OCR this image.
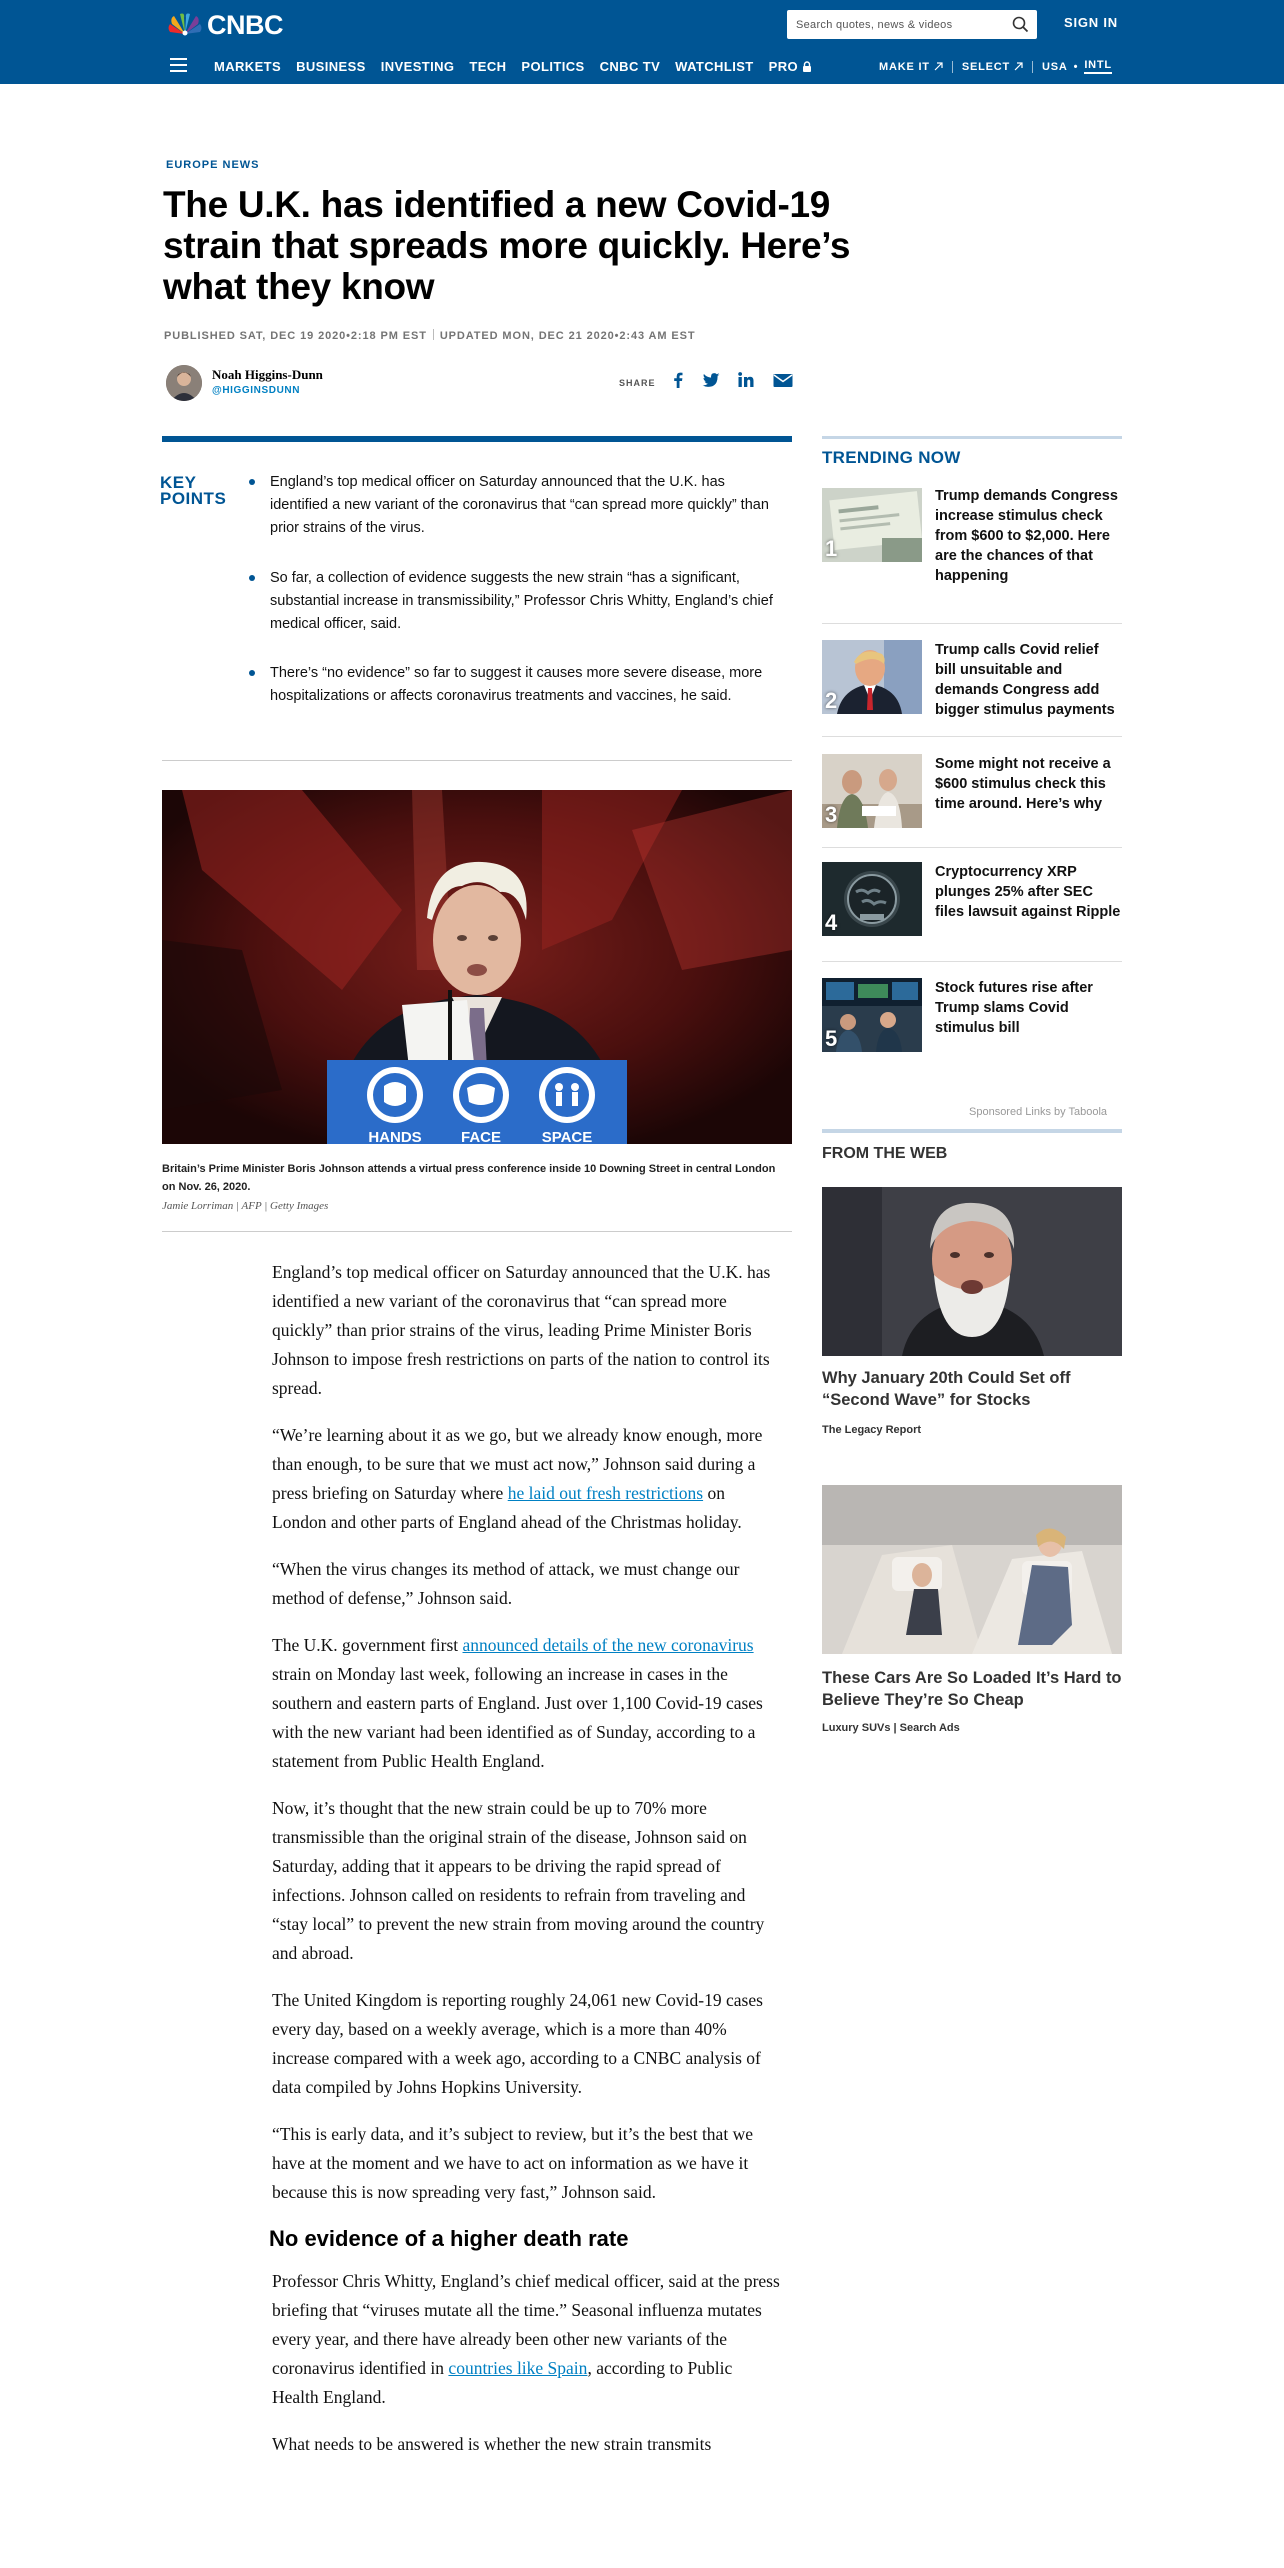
CNBC
Search quotes, news & videos	SIGN IN
MARKETS BUSINESS INVESTING TECH POLITICS CNBC TV WATCHLIST PRO	MAKE IT	SELECT	USA • INTL
EUROPE NEWS
The U.K. has identified a new Covid-19 strain that spreads more quickly. Here’s what they know
PUBLISHED SAT, DEC 19 2020•2:18 PM EST UPDATED MON, DEC 21 2020•2:43 AM EST
Noah Higgins-Dunn
@HIGGINSDUNN
SHARE
KEY
POINTS
England’s top medical officer on Saturday announced that the U.K. has identified a new variant of the coronavirus that “can spread more quickly” than prior strains of the virus.
So far, a collection of evidence suggests the new strain “has a significant, substantial increase in transmissibility,” Professor Chris Whitty, England’s chief medical officer, said.
There’s “no evidence” so far to suggest it causes more severe disease, more hospitalizations or affects coronavirus treatments and vaccines, he said.
HANDS	FACE	SPACE

Britain’s Prime Minister Boris Johnson attends a virtual press conference inside 10 Downing Street in central London on Nov. 26, 2020.

Jamie Lorriman | AFP | Getty Images

England’s top medical officer on Saturday announced that the U.K. has identified a new variant of the coronavirus that “can spread more quickly” than prior strains of the virus, leading Prime Minister Boris Johnson to impose fresh restrictions on parts of the nation to control its spread.

“We’re learning about it as we go, but we already know enough, more than enough, to be sure that we must act now,” Johnson said during a press briefing on Saturday where he laid out fresh restrictions on London and other parts of England ahead of the Christmas holiday.

“When the virus changes its method of attack, we must change our method of defense,” Johnson said.

The U.K. government first announced details of the new coronavirus strain on Monday last week, following an increase in cases in the southern and eastern parts of England. Just over 1,100 Covid-19 cases with the new variant had been identified as of Sunday, according to a statement from Public Health England.

Now, it’s thought that the new strain could be up to 70% more transmissible than the original strain of the disease, Johnson said on Saturday, adding that it appears to be driving the rapid spread of infections. Johnson called on residents to refrain from traveling and “stay local” to prevent the new strain from moving around the country and abroad.

The United Kingdom is reporting roughly 24,061 new Covid-19 cases every day, based on a weekly average, which is a more than 40% increase compared with a week ago, according to a CNBC analysis of data compiled by Johns Hopkins University.

“This is early data, and it’s subject to review, but it’s the best that we have at the moment and we have to act on information as we have it because this is now spreading very fast,” Johnson said.

No evidence of a higher death rate

Professor Chris Whitty, England’s chief medical officer, said at the press briefing that “viruses mutate all the time.” Seasonal influenza mutates every year, and there have already been other new variants of the coronavirus identified in countries like Spain, according to Public Health England.

What needs to be answered is whether the new strain transmits

TRENDING NOW
1
Trump demands Congress increase stimulus check from $600 to $2,000. Here are the chances of that happening
2
Trump calls Covid relief bill unsuitable and demands Congress add bigger stimulus payments
3
Some might not receive a $600 stimulus check this time around. Here’s why
4
Cryptocurrency XRP plunges 25% after SEC files lawsuit against Ripple
5
Stock futures rise after Trump slams Covid stimulus bill
Sponsored Links by Taboola
FROM THE WEB
Why January 20th Could Set off “Second Wave” for Stocks
The Legacy Report
These Cars Are So Loaded It’s Hard to Believe They’re So Cheap
Luxury SUVs | Search Ads
